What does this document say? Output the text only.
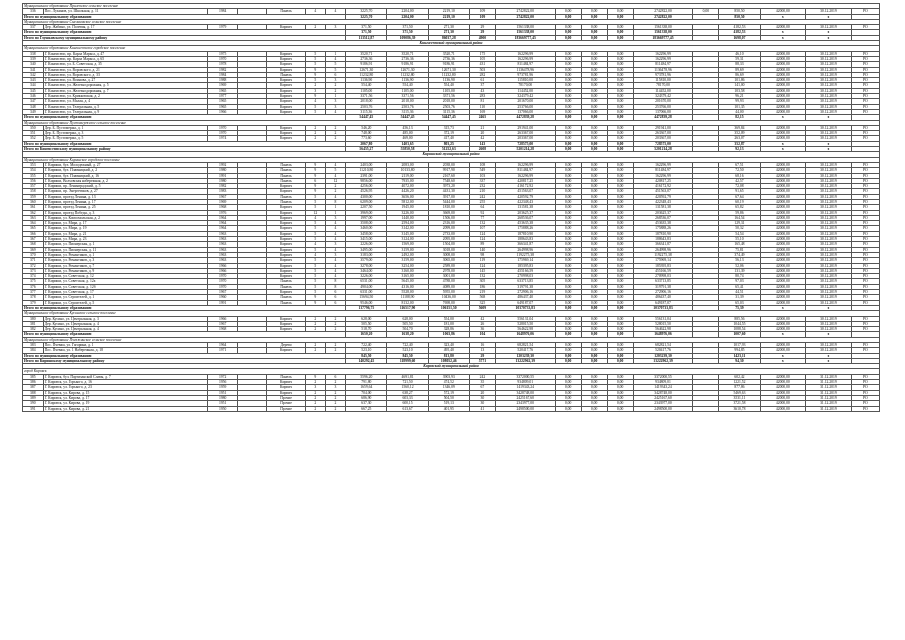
Муниципальное образование Прилепское сельское поселение																				
336	Пос. Лукинов, ул. Школьная, д. 11	1984		Панель	4	4	3225,70	2204,00	2219,10	109	2742822,00	0,00	0,00	0,00	2742822,00	0,00	850,50	42000,00	30.12.2019	РО
Итого по муниципальному образованию							3225,70	2204,00	2219,10	109	2742822,00	0,00	0,00	0,00	2742822,00		850,50	x	x	
Муниципальное образование Смельковское сельское поселение																				
337	Дер. Жабино, ул. Полевая, д. 17	1979		Кирпич	2	3	371,50	371,50	271,30	29	1561338,00	0,00	0,00	0,00	1561338,00		4182,53	42000,00	30.12.2019	РО
Итого по муниципальному образованию							371,50	371,50	271,30	29	1561338,00	0,00	0,00	0,00	1561338,00		4182,53	x	x	
Итого по Глушковскому муниципальному району							113512,87	109086,39	86037,28	4900	183669777,45	0,00	0,00	0,00	183669777,45		1698,07	x	x	
Кингисеппский муниципальный район																				
Муниципальное образование Кингисеппское городское поселение																				
338	Г. Кингисепп, пр. Карла Маркса, д. 47	1975		Кирпич	5	1	3520,71	3520,71	3520,71	175	162296,99	0,00	0,00	0,00	162296,99		46,10	42000,00	30.12.2019	РО
339	Г. Кингисепп, пр. Карла Маркса, д. 65	1970		Кирпич	5	4	2736,36	2736,36	2736,36	105	162296,99	0,00	0,00	0,00	162296,99		59,31	42000,00	30.12.2019	РО
340	Г. Кингисепп, ул. Б. Советская, д. 35	1978		Кирпич	5	5	9186,91	9186,91	9186,91	431	811484,97	0,00	0,00	0,00	811484,97		88,33	42000,00	30.12.2019	РО
341	Г. Кингисепп, ул. Воровского, д. 21	1982		Кирпич	9	5	12671,30	12671,30	12671,30	503	1136478,96	0,00	0,00	0,00	1136478,96		89,69	42000,00	30.12.2019	РО
342	Г. Кингисепп, ул. Воровского, д. 33	1984		Панель	9	6	11232,80	11232,80	11232,80	282	973781,96	0,00	0,00	0,00	973781,96		86,69	42000,00	30.12.2019	РО
343	Г. Кингисепп, ул. Воинова, д. 27	1988		Кирпич	5	3	1136,90	1136,90	1136,90	61	115810,00	0,00	0,00	0,00	115810,00		101,86	42000,00	30.12.2019	РО
344	Г. Кингисепп, ул. Железнодорожная, д. 5	1969		Кирпич	2	2	554,40	554,40	554,40	37	78170,00	0,00	0,00	0,00	78170,00		141,00	42000,00	30.12.2019	РО
345	Г. Кингисепп, ул. Железнодорожная, д. 7	1965		Кирпич	3	2	1105,00	1105,00	1105,00	43	114452,00	0,00	0,00	0,00	114452,00		103,58	42000,00	30.12.2019	РО
346	Г. Кингисепп, ул. Крикковская, д. 2	1977		Кирпич	9	1	3371,56	3371,56	3371,56	283	324379,42	0,00	0,00	0,00	324379,42		96,21	42000,00	30.12.2019	РО
347	Г. Кингисепп, ул. Малая, д. 4	1965		Кирпич	4	3	2018,00	2018,00	2018,00	81	201670,00	0,00	0,00	0,00	201670,00		99,93	42000,00	30.12.2019	РО
348	Г. Кингисепп, ул. Театральная, д. 5	1965		Кирпич	5	3	2503,76	2503,76	2503,76	110	253766,00	0,00	0,00	0,00	253766,00		101,35	42000,00	30.12.2019	РО
349	Г. Кингисепп, ул. Театральная, д. 9	1966		Кирпич	5	4	3115,36	3115,36	3115,36	169	137066,00	0,00	0,00	0,00	137066,00		44,00	42000,00	30.12.2019	РО
Итого по муниципальному образованию							54447,45	54447,45	54447,45	2465	4472839,28	0,00	0,00	0,00	4472839,28		82,15	x	x	
Муниципальное образование Пустомержское сельское поселение																				
350	Дер. Б. Пустомержа, д. 1	1970		Кирпич	2	2	546,20	456,13	315,73	21	291941,00	0,00	0,00	0,00	291941,00		369,84	42000,00	30.12.2019	РО
351	Дер. Б. Пустомержа, д. 3	1970		Кирпич	2	2	748,00	485,00	372,19	20	263367,00	0,00	0,00	0,00	263367,00		352,09	42000,00	30.12.2019	РО
352	Дер. Б. Пустомержа, д. 5	1974		Кирпич	2	2	773,60	469,00	417,40	42	203367,00	0,00	0,00	0,00	203367,00		263,07	42000,00	30.12.2019	РО
Итого по муниципальному образованию							2067,80	1403,65	803,25	143	728575,00	0,00	0,00	0,00	728575,00		352,87	x	x	
Итого по Кингисеппскому муниципальному району							56455,27	55850,58	51252,63	2608	5201214,28	0,00	0,00	0,00	5201214,28		92,13	x	x	
Киришский муниципальный район																				
Муниципальное образование Киришское городское поселение																				
353	Г. Кириши, бул. Молодежный, д. 27	1992		Панель	9	4	2403,00	2083,00	2038,00	108	162296,99	0,00	0,00	0,00	162296,99		67,51	42000,00	30.12.2019	РО
354	Г. Кириши, бул. Плавницкий, д. 2	1980		Панель	9	5	11210,80	10133,80	9917,90	549	811484,97	0,00	0,00	0,00	811484,97		72,50	42000,00	30.12.2019	РО
355	Г. Кириши, бул. Плавницкий, д. 16	1991		Панель	9	4	2391,00	2119,00	2167,60	103	162296,99	0,00	0,00	0,00	162296,99		68,16	42000,00	30.12.2019	РО
356	Г. Кириши, Волховская набережная, д. 2	1980		Панель	6	12	9856,00	7935,00	7548,60	337	420817,25	0,00	0,00	0,00	420817,25		42,57	42000,00	30.12.2019	РО
357	Г. Кириши, пр. Ленинградский, д. 5	1982		Кирпич	9	2	4256,00	4072,00	3973,20	232	416172,92	0,00	0,00	0,00	416172,92		72,08	42000,00	30.12.2019	РО
358	Г. Кириши, пр. Энергетиков, д. 27	1983		Кирпич	9	2	4526,95	4426,20	4431,30	210	451563,07	0,00	0,00	0,00	451563,07		91,65	42000,00	30.12.2019	РО
359	Г. Кириши, проезд Ленина, д. 13	1967		Панель	5	4	4300,00	3656,00	3917,00	242	420592,79	0,00	0,00	0,00	420592,79		67,64	42000,00	30.12.2019	РО
360	Г. Кириши, проезд Ленина, д. 17	1969		Панель	5	8	6209,00	5812,00	5444,00	255	422348,43	0,00	0,00	0,00	422348,43		60,19	42000,00	30.12.2019	РО
361	Г. Кириши, проезд Ленина, д. 25	1968		Кирпич	5	1	2207,50	1945,00	1810,00	64	131581,38	0,00	0,00	0,00	131581,38		65,82	42000,00	30.12.2019	РО
362	Г. Кириши, проезд Победы, д. 3	1976		Кирпич	12	1	3969,00	3226,00	3669,00	92	203625,37	0,00	0,00	0,00	203625,37		59,86	42000,00	30.12.2019	РО
363	Г. Кириши, ул. Комсомольская, д. 2	1964		Кирпич	4	3	1997,00	1440,00	1506,00	77	268536,07	0,00	0,00	0,00	268536,07		164,54	42000,00	30.12.2019	РО
364	Г. Кириши, ул. Мира, д. 17	1964		Кирпич	5	4	3508,00	2594,00	2316,00	132	453635,38	0,00	0,00	0,00	453635,38		129,31	42000,00	30.12.2019	РО
365	Г. Кириши, ул. Мира, д. 19	1964		Кирпич	5	4	3460,00	3142,00	2099,00	107	175888,26	0,00	0,00	0,00	175888,26		50,32	42000,00	30.12.2019	РО
366	Г. Кириши, ул. Мира, д. 21	1963		Кирпич	5	4	3458,00	3145,00	2733,00	124	187810,90	0,00	0,00	0,00	187810,90		54,54	42000,00	30.12.2019	РО
367	Г. Кириши, ул. Мира, д. 23	1963		Кирпич	5	4	3415,00	3124,00	2095,00	124	188643,83	0,00	0,00	0,00	188643,83		55,10	42000,00	30.12.2019	РО
368	Г. Кириши, ул. Пионерская, д. 1	1963		Кирпич	4	3	2226,00	1569,00	1504,00	89	366341,87	0,00	0,00	0,00	366341,87		165,48	42000,00	30.12.2019	РО
369	Г. Кириши, ул. Пионерская, д. 11	1963		Кирпич	5	4	3495,00	3159,00	3018,00	140	264998,96	0,00	0,00	0,00	264998,96		75,81	42000,00	30.12.2019	РО
370	Г. Кириши, ул. Романтиков, д. 1	1963		Кирпич	4	3	3183,00	2492,00	3008,00	98	1192275,38	0,00	0,00	0,00	1192275,38		374,49	42000,00	30.12.2019	РО
371	Г. Кириши, ул. Романтиков, д. 3	1963		Кирпич	5	4	3579,00	3159,00	3065,00	119	175969,14	0,00	0,00	0,00	175969,14		56,13	42000,00	30.12.2019	РО
372	Г. Кириши, ул. Романтиков, д. 7	1966		Кирпич	5	4	3278,00	3254,00	2589,00	124	185395,83	0,00	0,00	0,00	185395,83		52,06	42000,00	30.12.2019	РО
373	Г. Кириши, ул. Романтиков, д. 9	1966		Кирпич	5	4	3464,00	3160,00	2978,00	145	455166,59	0,00	0,00	0,00	455166,59		131,39	42000,00	30.12.2019	РО
374	Г. Кириши, ул. Советская, д. 12	1970		Кирпич	5	4	3226,00	3165,00	3001,00	132	270998,03	0,00	0,00	0,00	270998,03		80,74	42000,00	30.12.2019	РО
375	Г. Кириши, ул. Советская, д. 12а	1970		Панель	5	8	6531,00	5645,00	4788,00	305	633713,85	0,00	0,00	0,00	633713,85		97,03	42000,00	30.12.2019	РО
376	Г. Кириши, ул. Советская, д. 12б	1970		Панель	5	8	4904,00	4316,00	4089,00	186	319791,38	0,00	0,00	0,00	319791,38		65,41	42000,00	30.12.2019	РО
377	Г. Кириши, ул. Советская, д. 17	1967		Кирпич	5	6	6331,00	5528,00	5955,00	219	272906,16	0,00	0,00	0,00	272906,16		44,51	42000,00	30.12.2019	РО
378	Г. Кириши, ул. Строителей, д. 1	1960		Панель	9	6	15694,50	11188,90	10436,00	568	486437,40	0,00	0,00	0,00	486437,40		31,39	42000,00	30.12.2019	РО
379	Г. Кириши, ул. Строителей, д. 5	1991		Панель	9	6	9546,00	8132,00	7698,00	325	649187,07	0,00	0,00	0,00	649187,07		65,03	42000,00	30.12.2019	РО
Итого по муниципальному образованию							137796,75	116517,90	106151,50	5609	10370733,83	0,00	0,00	0,00	10370733,83		75,39	x	x	
Муниципальное образование Кусинское сельское поселение																				
380	Дер. Кусино, ул. Центральная, д. 3	1966		Кирпич	2	2	628,00	628,00	554,00	42	556131,04	0,00	0,00	0,00	556131,04		885,56	42000,00	30.12.2019	РО
381	Дер. Кусино, ул. Центральная, д. 4	1967		Кирпич	2	2	505,50	505,50	181,00	26	528015,50	0,00	0,00	0,00	528015,50		1044,55	42000,00	30.12.2019	РО
382	Дер. Кусино, ул. Центральная, д. 4	1968		Кирпич	2	2	518,70	504,70	328,86	36	564622,98	0,00	0,00	0,00	564622,98		1088,54	42000,00	30.12.2019	РО
Итого по муниципальному образованию							1650,20	1638,20	1063,86	104	1648976,06	0,00	0,00	0,00	1648976,06		1007,60	x	x	
Муниципальное образование Пчевжинское сельское поселение																				
383	Пос. Пчевжа, ул. Гагарина, д. 1	1964		Дерево	2	2	722,40	722,40	323,40	16	682821,54	0,00	0,00	0,00	682821,54		1017,93	42000,00	30.12.2019	РО
384	Пос. Пчевжа, ул. 1 Набережная, д. 18	1971		Кирпич	2	2	523,10	523,10	495,40	13	520417,76	0,00	0,00	0,00	520417,76		994,85	42000,00	30.12.2019	РО
Итого по муниципальному образованию							845,50	845,50	813,80	29	1203239,30	0,00	0,00	0,00	1203239,30		1423,11	x	x	
Итого по Киришскому муниципальному району							140292,45	118999,60	108052,46	5771	13222962,39	0,00	0,00	0,00	13222962,39		94,30	x	x	
Кировский муниципальный район																				
город Кировск																				
385	Г. Кировск, бул. Партизанской Славы, д. 7	1972		Панель	9	6	5596,20	4691,81	3903,93	242	3372000,55	0,00	0,00	0,00	3372000,55		602,42	42000,00	31.12.2019	РО
386	Г. Кировск, ул. Горького, д. 16	1956		Кирпич	2	2	791,80	721,50	474,52	35	934809,01	0,00	0,00	0,00	934809,01		1221,52	42000,00	31.12.2019	РО
387	Г. Кировск, ул. Горького, д. 23	1959		Кирпич	3	3	1659,64	1560,12	1346,09	67	1419343,24	0,00	0,00	0,00	1419343,24		877,86	42000,00	31.12.2019	РО
388	Г. Кировск, ул. Кирова, д. 15	1951		Кирпич	2	2	704,00	638,27	572,19	20	3428748,00	0,00	0,00	0,00	3428748,00		5469,63	42000,00	31.12.2019	РО
389	Г. Кировск, ул. Кирова, д. 17	1980		Прочие	2	2	686,90	603,33	504,50	30	2425167,60	0,00	0,00	0,00	2425167,60		3531,11	42000,00	31.12.2019	РО
390	Г. Кировск, ул. Кирова, д. 19	1951		Прочие	2	2	637,30	600,15	519,13	30	2343977,00	0,00	0,00	0,00	2343977,00		3721,58	42000,00	31.12.2019	РО
391	Г. Кировск, ул. Кирова, д. 21	1950		Прочие	2	2	667,25	613,67	401,95	41	2498500,00	0,00	0,00	0,00	2498500,00		3610,78	42000,00	31.12.2019	РО
